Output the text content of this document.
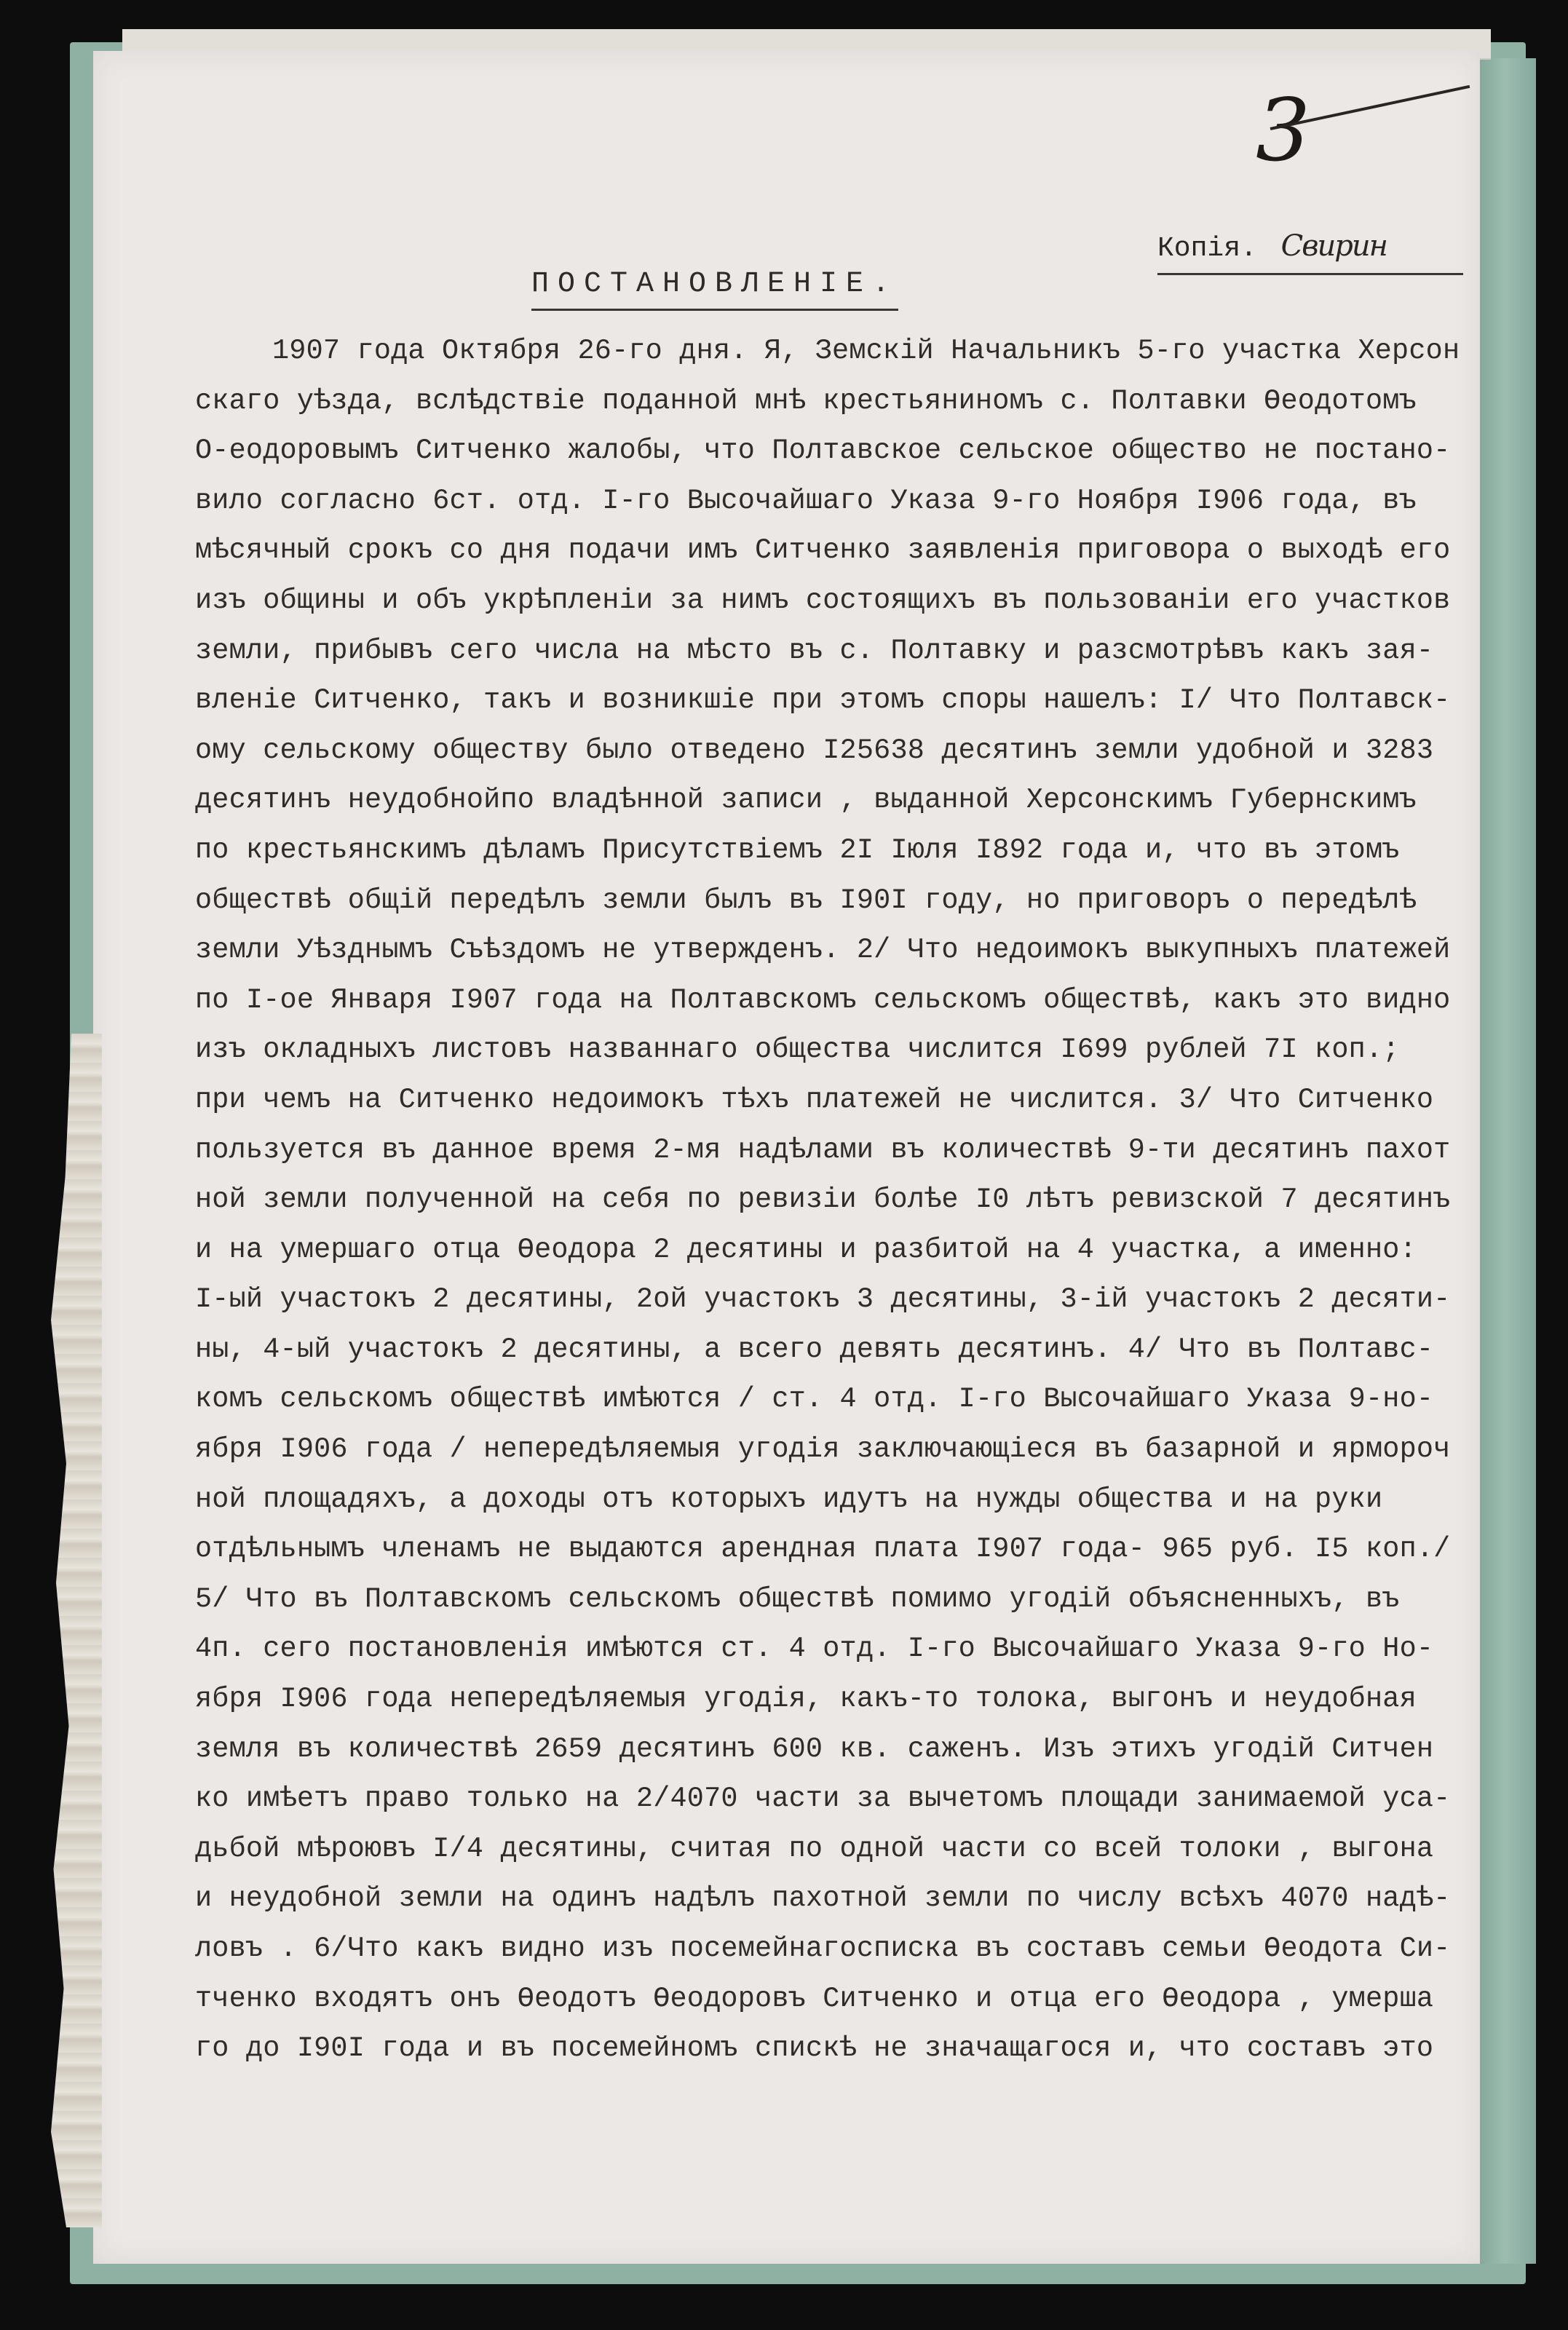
3
Копія. Свирин
ПОСТАНОВЛЕНІЕ.
1907 года Октября 26-го дня. Я, Земскій Начальникъ 5-го участка Херсон
скаго уѣзда, вслѣдствіе поданной мнѣ крестьяниномъ с. Полтавки Өеодотомъ
О-еодоровымъ Ситченко жалобы, что Полтавское сельское общество не постано-
вило согласно 6ст. отд. І-го Высочайшаго Указа 9-го Ноября І906 года, въ
мѣсячный срокъ со дня подачи имъ Ситченко заявленія приговора о выходѣ его
изъ общины и объ укрѣпленіи за нимъ состоящихъ въ пользованіи его участков
земли, прибывъ сего числа на мѣсто въ с. Полтавку и разсмотрѣвъ какъ зая-
вленіе Ситченко, такъ и возникшіе при этомъ споры нашелъ: І/ Что Полтавск-
ому сельскому обществу было отведено І25638 десятинъ земли удобной и 3283
десятинъ неудобнойпо владѣнной записи , выданной Херсонскимъ Губернскимъ
по крестьянскимъ дѣламъ Присутствіемъ 2І Іюля І892 года и, что въ этомъ
обществѣ общій передѣлъ земли былъ въ І90І году, но приговоръ о передѣлѣ
земли Уѣзднымъ Съѣздомъ не утвержденъ. 2/ Что недоимокъ выкупныхъ платежей
по І-ое Января І907 года на Полтавскомъ сельскомъ обществѣ, какъ это видно
изъ окладныхъ листовъ названнаго общества числится І699 рублей 7І коп.;
при чемъ на Ситченко недоимокъ тѣхъ платежей не числится. 3/ Что Ситченко
пользуется въ данное время 2-мя надѣлами въ количествѣ 9-ти десятинъ пахот
ной земли полученной на себя по ревизіи болѣе І0 лѣтъ ревизской 7 десятинъ
и на умершаго отца Өеодора 2 десятины и разбитой на 4 участка, а именно:
І-ый участокъ 2 десятины, 2ой участокъ 3 десятины, 3-ій участокъ 2 десяти-
ны, 4-ый участокъ 2 десятины, а всего девять десятинъ. 4/ Что въ Полтавс-
комъ сельскомъ обществѣ имѣются / ст. 4 отд. І-го Высочайшаго Указа 9-но-
ября І906 года / непередѣляемыя угодія заключающіеся въ базарной и ярмороч
ной площадяхъ, а доходы отъ которыхъ идутъ на нужды общества и на руки
отдѣльнымъ членамъ не выдаются арендная плата І907 года- 965 руб. І5 коп./
5/ Что въ Полтавскомъ сельскомъ обществѣ помимо угодій объясненныхъ, въ
4п. сего постановленія имѣются ст. 4 отд. І-го Высочайшаго Указа 9-го Но-
ября І906 года непередѣляемыя угодія, какъ-то толока, выгонъ и неудобная
земля въ количествѣ 2659 десятинъ 600 кв. саженъ. Изъ этихъ угодій Ситчен
ко имѣетъ право только на 2/4070 части за вычетомъ площади занимаемой уса-
дьбой мѣроювъ І/4 десятины, считая по одной части со всей толоки , выгона
и неудобной земли на одинъ надѣлъ пахотной земли по числу всѣхъ 4070 надѣ-
ловъ . 6/Что какъ видно изъ посемейнагосписка въ составъ семьи Өеодота Си-
тченко входятъ онъ Өеодотъ Өеодоровъ Ситченко и отца его Өеодора , умерша
го до І90І года и въ посемейномъ спискѣ не значащагося и, что составъ это
